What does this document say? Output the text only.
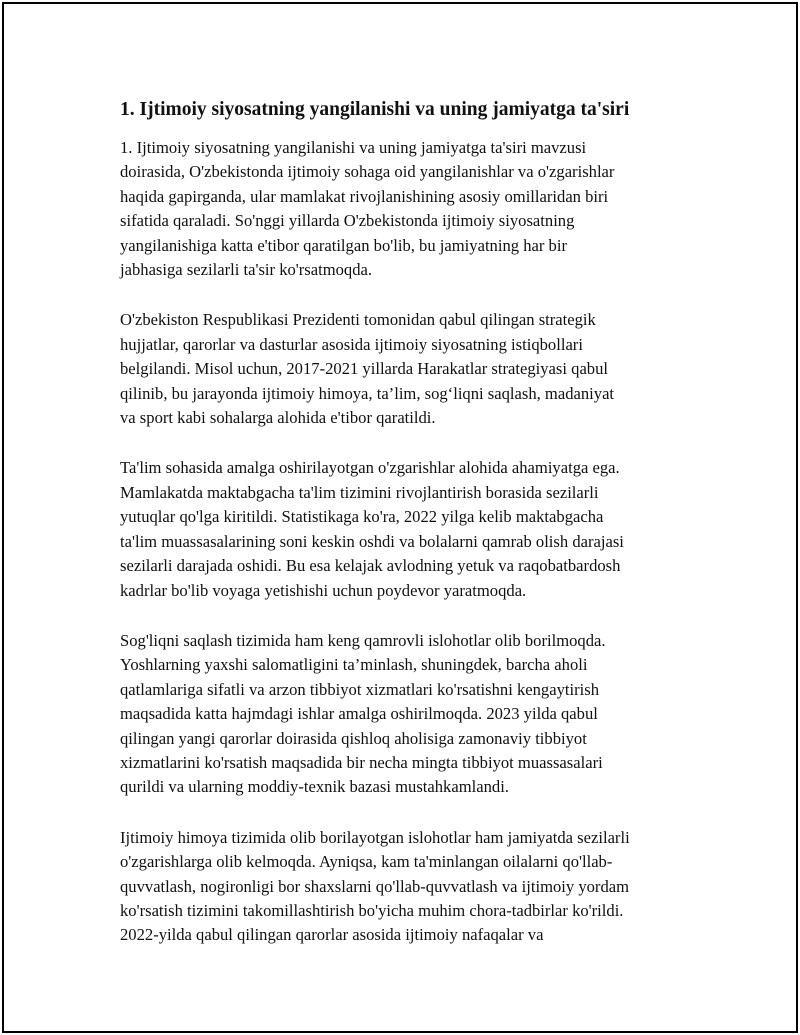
1. Ijtimoiy siyosatning yangilanishi va uning jamiyatga ta'siri

1. Ijtimoiy siyosatning yangilanishi va uning jamiyatga ta'siri mavzusi
doirasida, O'zbekistonda ijtimoiy sohaga oid yangilanishlar va o'zgarishlar
haqida gapirganda, ular mamlakat rivojlanishining asosiy omillaridan biri
sifatida qaraladi. So'nggi yillarda O'zbekistonda ijtimoiy siyosatning
yangilanishiga katta e'tibor qaratilgan bo'lib, bu jamiyatning har bir
jabhasiga sezilarli ta'sir ko'rsatmoqda.

O'zbekiston Respublikasi Prezidenti tomonidan qabul qilingan strategik
hujjatlar, qarorlar va dasturlar asosida ijtimoiy siyosatning istiqbollari
belgilandi. Misol uchun, 2017-2021 yillarda Harakatlar strategiyasi qabul
qilinib, bu jarayonda ijtimoiy himoya, ta’lim, sog‘liqni saqlash, madaniyat
va sport kabi sohalarga alohida e'tibor qaratildi.

Ta'lim sohasida amalga oshirilayotgan o'zgarishlar alohida ahamiyatga ega.
Mamlakatda maktabgacha ta'lim tizimini rivojlantirish borasida sezilarli
yutuqlar qo'lga kiritildi. Statistikaga ko'ra, 2022 yilga kelib maktabgacha
ta'lim muassasalarining soni keskin oshdi va bolalarni qamrab olish darajasi
sezilarli darajada oshidi. Bu esa kelajak avlodning yetuk va raqobatbardosh
kadrlar bo'lib voyaga yetishishi uchun poydevor yaratmoqda.

Sog'liqni saqlash tizimida ham keng qamrovli islohotlar olib borilmoqda.
Yoshlarning yaxshi salomatligini ta’minlash, shuningdek, barcha aholi
qatlamlariga sifatli va arzon tibbiyot xizmatlari ko'rsatishni kengaytirish
maqsadida katta hajmdagi ishlar amalga oshirilmoqda. 2023 yilda qabul
qilingan yangi qarorlar doirasida qishloq aholisiga zamonaviy tibbiyot
xizmatlarini ko'rsatish maqsadida bir necha mingta tibbiyot muassasalari
qurildi va ularning moddiy-texnik bazasi mustahkamlandi.

Ijtimoiy himoya tizimida olib borilayotgan islohotlar ham jamiyatda sezilarli
o'zgarishlarga olib kelmoqda. Ayniqsa, kam ta'minlangan oilalarni qo'llab-
quvvatlash, nogironligi bor shaxslarni qo'llab-quvvatlash va ijtimoiy yordam
ko'rsatish tizimini takomillashtirish bo'yicha muhim chora-tadbirlar ko'rildi.
2022-yilda qabul qilingan qarorlar asosida ijtimoiy nafaqalar va
